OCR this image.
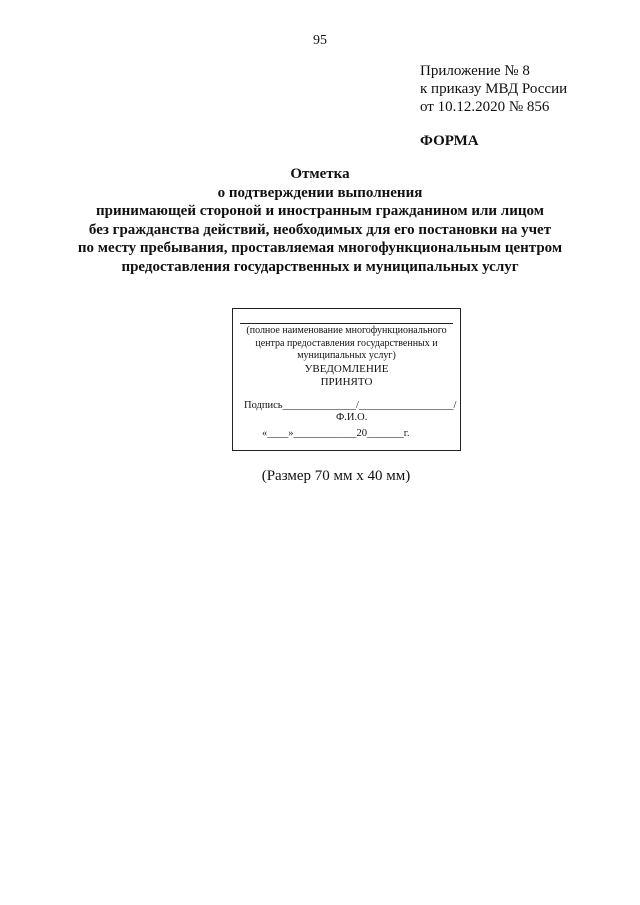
95
Приложение № 8
к приказу МВД России
от 10.12.2020 № 856
ФОРМА
Отметка
о подтверждении выполнения
принимающей стороной и иностранным гражданином или лицом
без гражданства действий, необходимых для его постановки на учет
по месту пребывания, проставляемая многофункциональным центром
предоставления государственных и муниципальных услуг
(полное наименование многофункционального
центра предоставления государственных и
муниципальных услуг)
УВЕДОМЛЕНИЕ
ПРИНЯТО
Подпись______________/__________________/
Ф.И.О.
«____»____________20_______г.
(Размер 70 мм х 40 мм)
